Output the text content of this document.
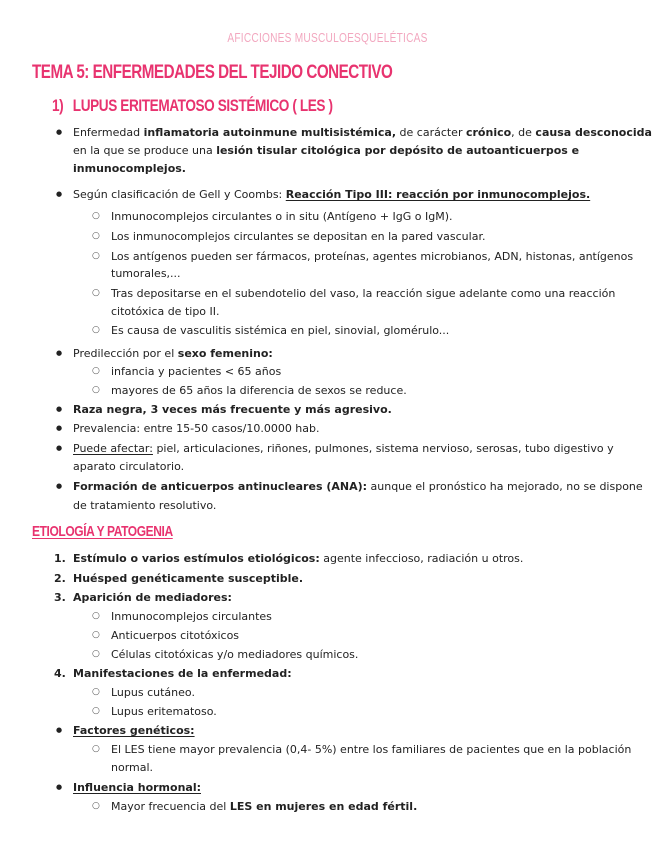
AFICCIONES MUSCULOESQUELÉTICAS
TEMA 5: ENFERMEDADES DEL TEJIDO CONECTIVO
1) LUPUS ERITEMATOSO SISTÉMICO ( LES )
● Enfermedad inflamatoria autoinmune multisistémica, de carácter crónico, de causa desconocida
en la que se produce una lesión tisular citológica por depósito de autoanticuerpos e
inmunocomplejos.
● Según clasificación de Gell y Coombs: Reacción Tipo III: reacción por inmunocomplejos.
○ Inmunocomplejos circulantes o in situ (Antígeno + IgG o IgM).
○ Los inmunocomplejos circulantes se depositan en la pared vascular.
○ Los antígenos pueden ser fármacos, proteínas, agentes microbianos, ADN, histonas, antígenos
tumorales,...
○ Tras depositarse en el subendotelio del vaso, la reacción sigue adelante como una reacción
citotóxica de tipo II.
○ Es causa de vasculitis sistémica en piel, sinovial, glomérulo...
● Predilección por el sexo femenino:
○ infancia y pacientes < 65 años
○ mayores de 65 años la diferencia de sexos se reduce.
● Raza negra, 3 veces más frecuente y más agresivo.
● Prevalencia: entre 15-50 casos/10.0000 hab.
● Puede afectar: piel, articulaciones, riñones, pulmones, sistema nervioso, serosas, tubo digestivo y
aparato circulatorio.
● Formación de anticuerpos antinucleares (ANA): aunque el pronóstico ha mejorado, no se dispone
de tratamiento resolutivo.
ETIOLOGÍA Y PATOGENIA
1. Estímulo o varios estímulos etiológicos: agente infeccioso, radiación u otros.
2. Huésped genéticamente susceptible.
3. Aparición de mediadores:
○ Inmunocomplejos circulantes
○ Anticuerpos citotóxicos
○ Células citotóxicas y/o mediadores químicos.
4. Manifestaciones de la enfermedad:
○ Lupus cutáneo.
○ Lupus eritematoso.
● Factores genéticos:
○ El LES tiene mayor prevalencia (0,4- 5%) entre los familiares de pacientes que en la población
normal.
● Influencia hormonal:
○ Mayor frecuencia del LES en mujeres en edad fértil.
